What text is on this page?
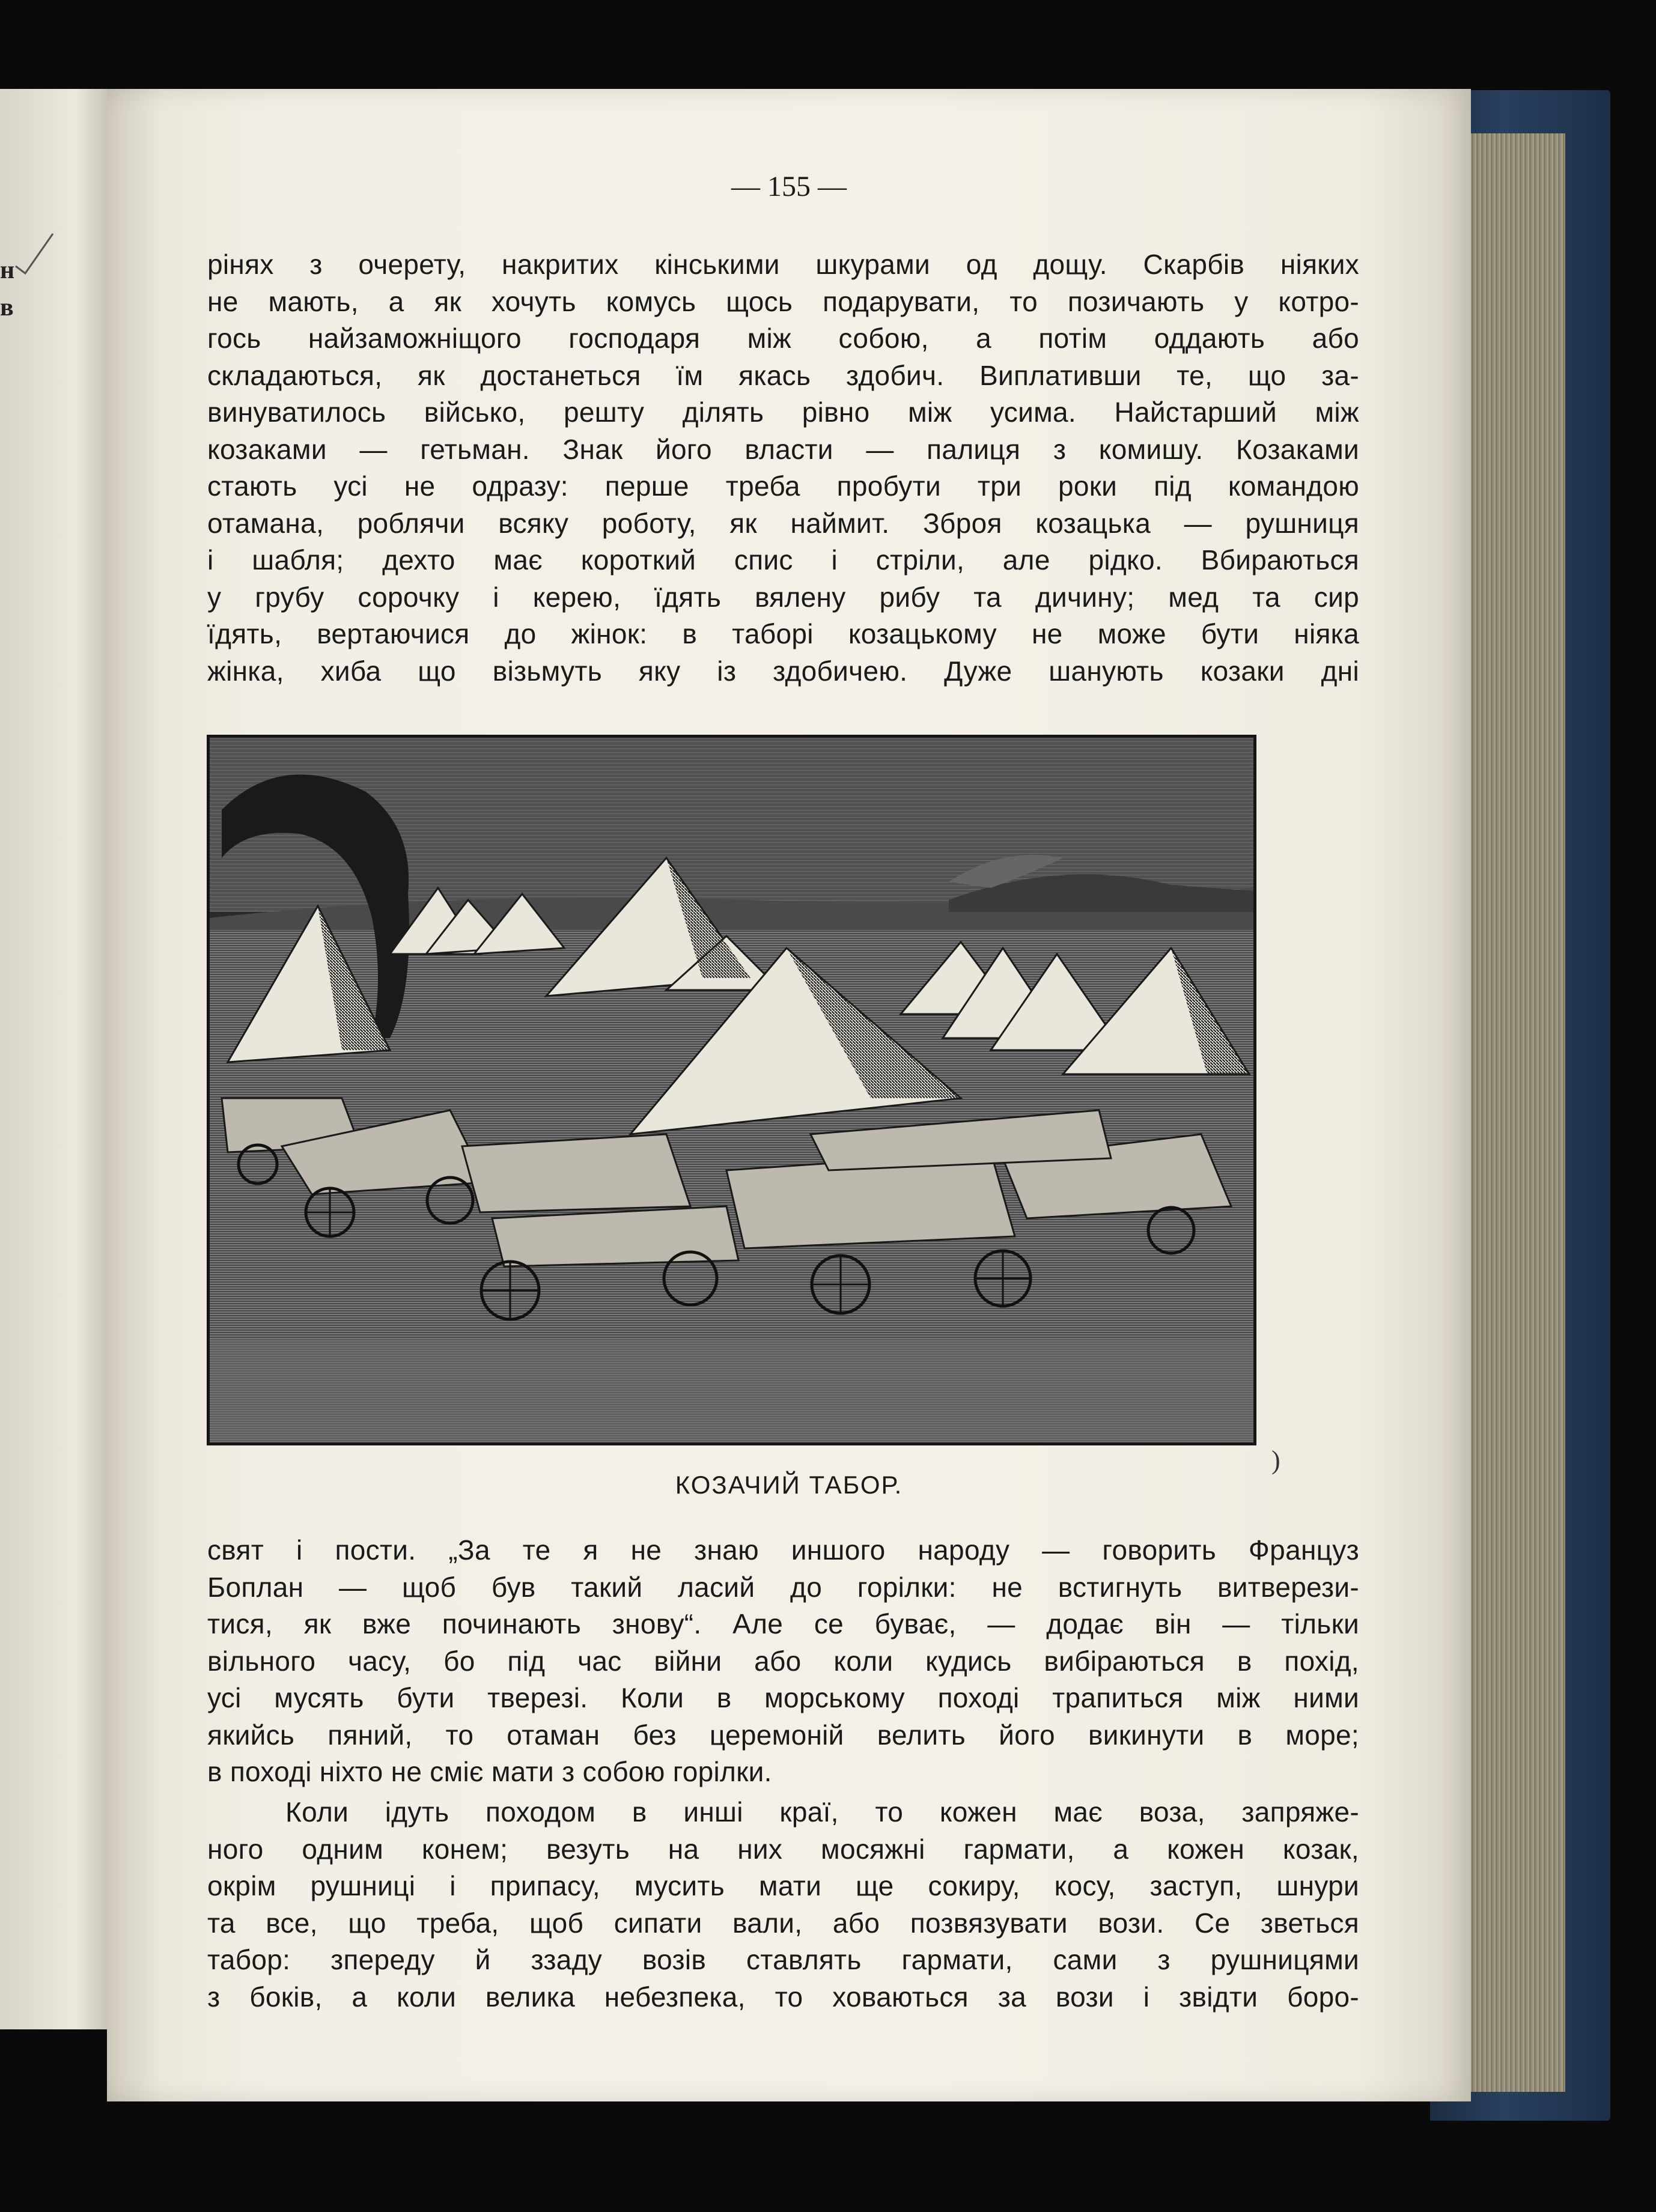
н
в
— 155 —
рінях з очерету, накритих кінськими шкурами од дощу. Скарбів ніяких
не мають, а як хочуть комусь щось подарувати, то позичають у котро-
гось найзаможніщого господаря між собою, а потім оддають або
складаються, як достанеться їм якась здобич. Виплативши те, що за-
винуватилось військо, решту ділять рівно між усима. Найстарший між
козаками — гетьман. Знак його власти — палиця з комишу. Козаками
стають усі не одразу: перше треба пробути три роки під командою
отамана, роблячи всяку роботу, як наймит. Зброя козацька — рушниця
і шабля; дехто має короткий спис і стріли, але рідко. Вбираються
у грубу сорочку і керею, їдять вялену рибу та дичину; мед та сир
їдять, вертаючися до жінок: в таборі козацькому не може бути ніяка
жінка, хиба що візьмуть яку із здобичею. Дуже шанують козаки дні
КОЗАЧИЙ ТАБОР.
)
свят і пости. „За те я не знаю иншого народу — говорить Француз
Боплан — щоб був такий ласий до горілки: не встигнуть витверези-
тися, як вже починають знову“. Але се буває, — додає він — тільки
вільного часу, бо під час війни або коли кудись вибіраються в похід,
усі мусять бути тверезі. Коли в морському поході трапиться між ними
якийсь пяний, то отаман без церемоній велить його викинути в море;
в поході ніхто не сміє мати з собою горілки.
Коли ідуть походом в инші краї, то кожен має воза, запряже-
ного одним конем; везуть на них мосяжні гармати, а кожен козак,
окрім рушниці і припасу, мусить мати ще сокиру, косу, заступ, шнури
та все, що треба, щоб сипати вали, або позвязувати вози. Се зветься
табор: зпереду й ззаду возів ставлять гармати, сами з рушницями
з боків, а коли велика небезпека, то ховаються за вози і звідти боро-
